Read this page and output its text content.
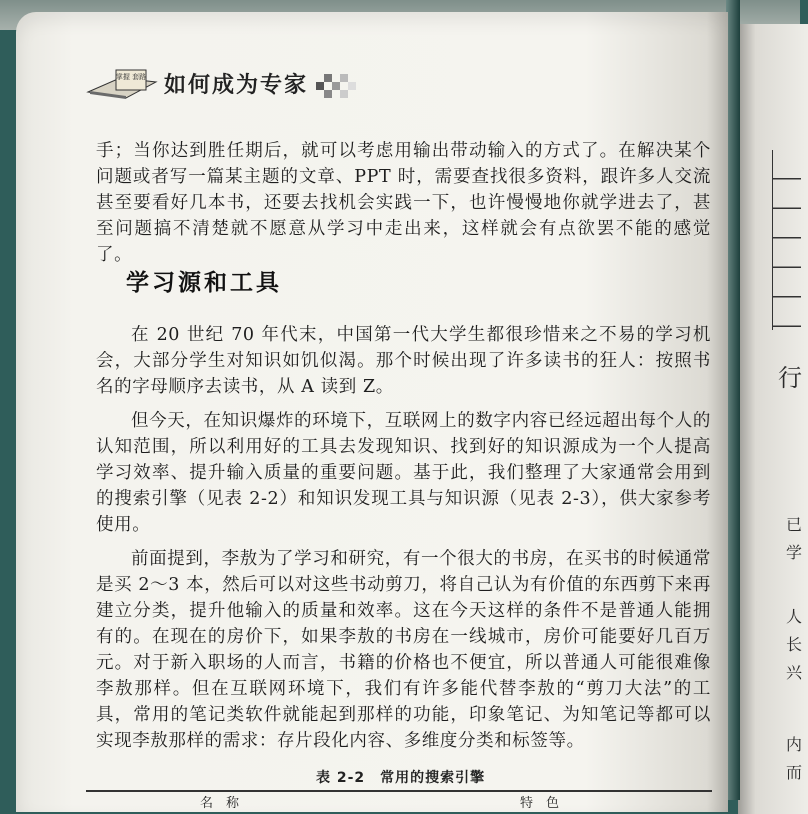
行
已
学
人
长
兴
内
而
掌握 套路 如何成为专家

手；当你达到胜任期后，就可以考虑用输出带动输入的方式了。在解决某个问题或者写一篇某主题的文章、PPT 时，需要查找很多资料，跟许多人交流甚至要看好几本书，还要去找机会实践一下，也许慢慢地你就学进去了，甚至问题搞不清楚就不愿意从学习中走出来，这样就会有点欲罢不能的感觉了。

学习源和工具

在 20 世纪 70 年代末，中国第一代大学生都很珍惜来之不易的学习机会，大部分学生对知识如饥似渴。那个时候出现了许多读书的狂人：按照书名的字母顺序去读书，从 A 读到 Z。

但今天，在知识爆炸的环境下，互联网上的数字内容已经远超出每个人的认知范围，所以利用好的工具去发现知识、找到好的知识源成为一个人提高学习效率、提升输入质量的重要问题。基于此，我们整理了大家通常会用到的搜索引擎（见表 2-2）和知识发现工具与知识源（见表 2-3），供大家参考使用。

前面提到，李敖为了学习和研究，有一个很大的书房，在买书的时候通常是买 2～3 本，然后可以对这些书动剪刀，将自己认为有价值的东西剪下来再建立分类，提升他输入的质量和效率。这在今天这样的条件不是普通人能拥有的。在现在的房价下，如果李敖的书房在一线城市，房价可能要好几百万元。对于新入职场的人而言，书籍的价格也不便宜，所以普通人可能很难像李敖那样。但在互联网环境下，我们有许多能代替李敖的“剪刀大法”的工具，常用的笔记类软件就能起到那样的功能，印象笔记、为知笔记等都可以实现李敖那样的需求：存片段化内容、多维度分类和标签等。

表 2-2　常用的搜索引擎
名　称	特　色
